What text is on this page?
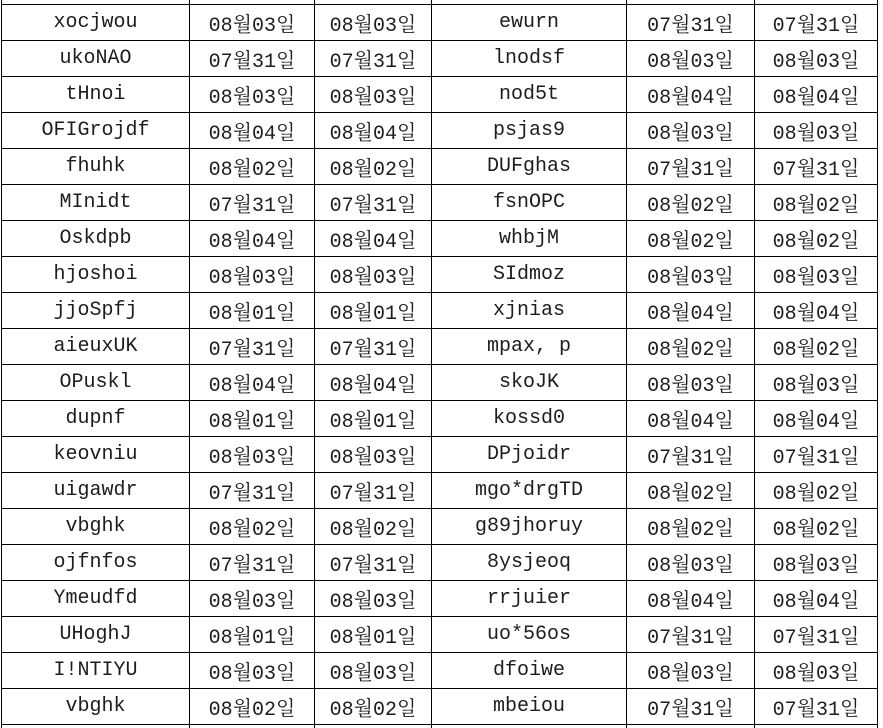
xocjwou	08월03일	08월03일	ewurn	07월31일	07월31일
ukoNAO	07월31일	07월31일	lnodsf	08월03일	08월03일
tHnoi	08월03일	08월03일	nod5t	08월04일	08월04일
OFIGrojdf	08월04일	08월04일	psjas9	08월03일	08월03일
fhuhk	08월02일	08월02일	DUFghas	07월31일	07월31일
MInidt	07월31일	07월31일	fsnOPC	08월02일	08월02일
Oskdpb	08월04일	08월04일	whbjM	08월02일	08월02일
hjoshoi	08월03일	08월03일	SIdmoz	08월03일	08월03일
jjoSpfj	08월01일	08월01일	xjnias	08월04일	08월04일
aieuxUK	07월31일	07월31일	mpax, p	08월02일	08월02일
OPuskl	08월04일	08월04일	skoJK	08월03일	08월03일
dupnf	08월01일	08월01일	kossd0	08월04일	08월04일
keovniu	08월03일	08월03일	DPjoidr	07월31일	07월31일
uigawdr	07월31일	07월31일	mgo*drgTD	08월02일	08월02일
vbghk	08월02일	08월02일	g89jhoruy	08월02일	08월02일
ojfnfos	07월31일	07월31일	8ysjeoq	08월03일	08월03일
Ymeudfd	08월03일	08월03일	rrjuier	08월04일	08월04일
UHoghJ	08월01일	08월01일	uo*56os	07월31일	07월31일
I!NTIYU	08월03일	08월03일	dfoiwe	08월03일	08월03일
vbghk	08월02일	08월02일	mbeiou	07월31일	07월31일
